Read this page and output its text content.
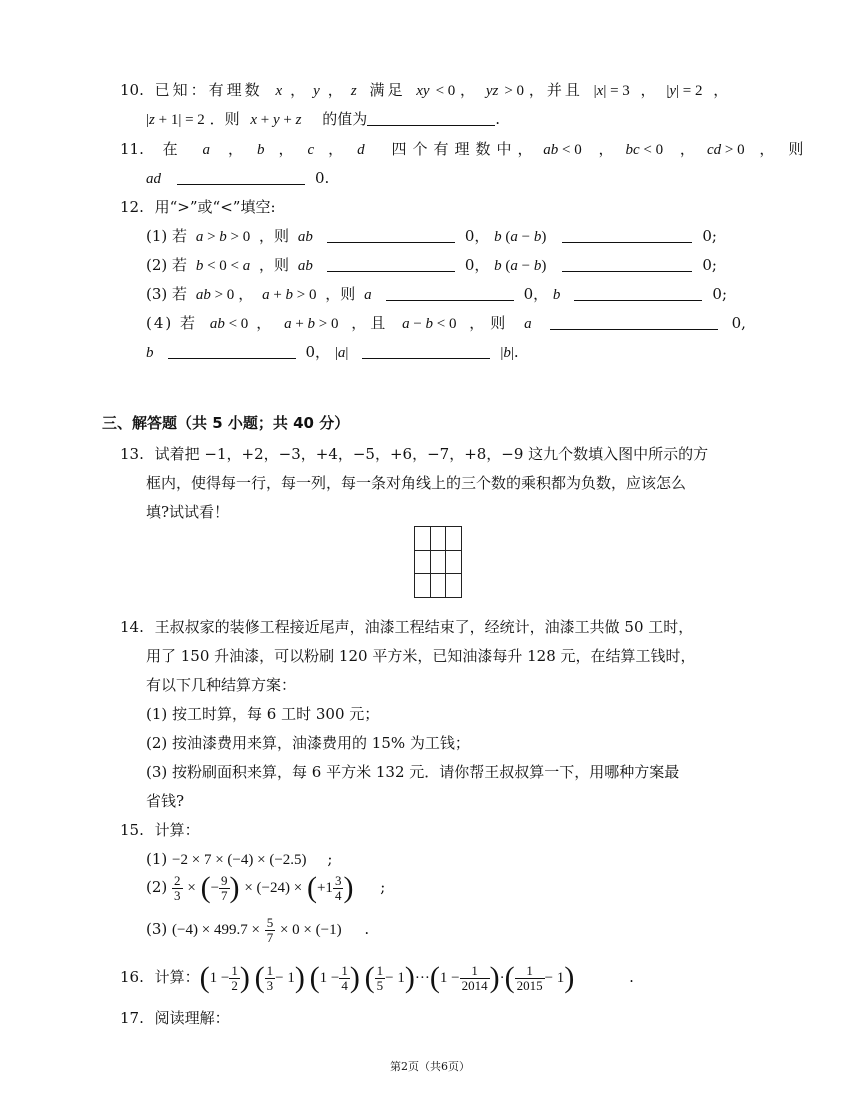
10. 已知：有理数 x ， y ， z 满足 xy < 0 ， yz > 0 ，并且 |x| = 3 ， |y| = 2 ，
|z + 1| = 2 ．则 x + y + z 的值为	.
11. 在 a ， b ， c ， d 四个有理数中， ab < 0 ， bc < 0 ， cd > 0 ，则
ad	0.
12. 用“>”或“<”填空:
(1) 若 a > b > 0 ，则 ab	0， b (a − b)	0;
(2) 若 b < 0 < a ，则 ab	0， b (a − b)	0;
(3) 若 ab > 0 ， a + b > 0 ，则 a	0， b	0;
(4) 若 ab < 0 ， a + b > 0 ，且 a − b < 0 ，则 a	0,
b	0， |a|	|b|.
三、解答题（共 5 小题；共 40 分）
13. 试着把 −1，+2，−3，+4，−5，+6，−7，+8，−9 这九个数填入图中所示的方
框内，使得每一行，每一列，每一条对角线上的三个数的乘积都为负数，应该怎么
填?试试看！
14. 王叔叔家的装修工程接近尾声，油漆工程结束了，经统计，油漆工共做 50 工时，
用了 150 升油漆，可以粉刷 120 平方米，已知油漆每升 128 元，在结算工钱时，
有以下几种结算方案：
(1) 按工时算，每 6 工时 300 元；
(2) 按油漆费用来算，油漆费用的 15% 为工钱；
(3) 按粉刷面积来算，每 6 平方米 132 元．请你帮王叔叔算一下，用哪种方案最
省钱?
15. 计算：
(1) −2 × 7 × (−4) × (−2.5) ;
$(2) \frac{2}{3}$ × (− $\frac{9}{7}$ ) × $(-24) \times (+1 \frac{3}{4}$ ) ;
(3) $(-4) \times 499.7 \times \frac{5}{7} \times 0 \times (-1)$ .
16. 计算：($1 - \frac{1}{2}$ ) ( $\frac{1}{3} - 1$) ($1 - \frac{1}{4}$ ) ( $\frac{1}{5} - 1)\cdot\cdot\cdot(1 - \frac{1}{2014}$ )·( $\frac{1}{2015} - 1$)	.
17. 阅读理解：
第2页（共6页）
